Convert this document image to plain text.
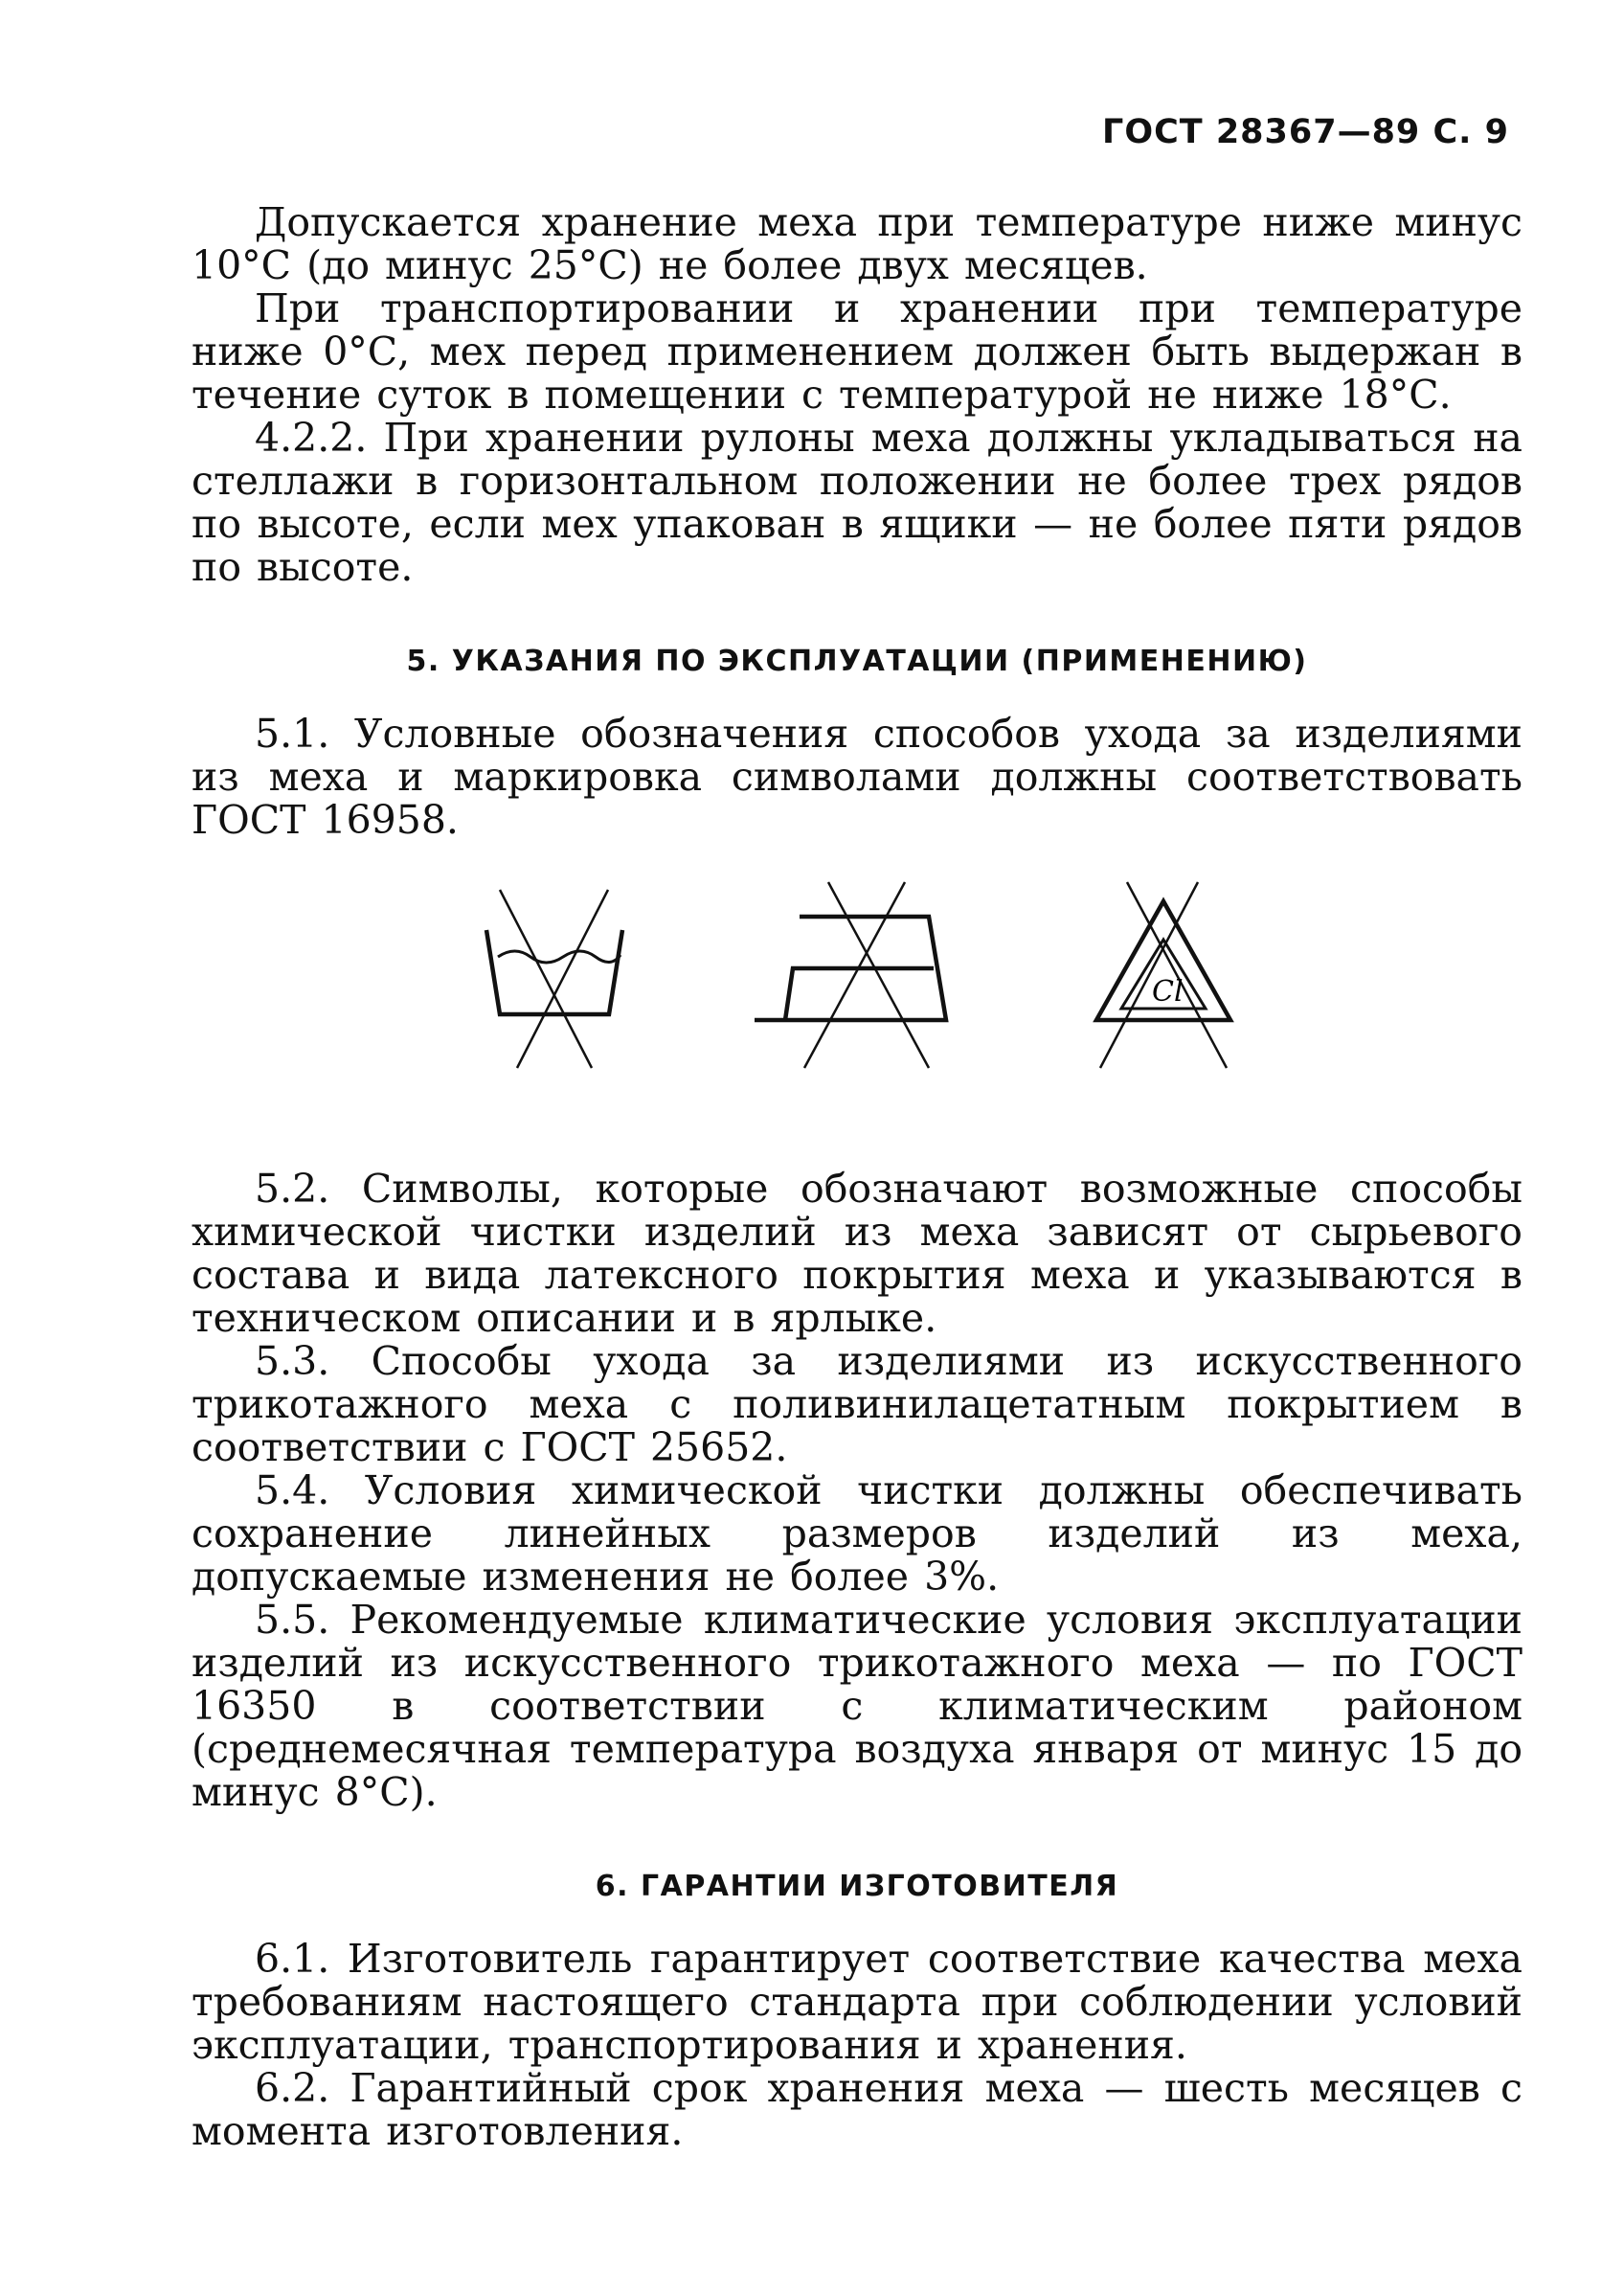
ГОСТ 28367—89 С. 9

Допускается хранение меха при температуре ниже минус 10°С (до минус 25°С) не более двух месяцев.

При транспортировании и хранении при температуре ниже 0°С, мех перед применением должен быть выдержан в течение суток в помещении с температурой не ниже 18°С.

4.2.2. При хранении рулоны меха должны укладываться на стеллажи в горизонтальном положении не более трех рядов по высоте, если мех упакован в ящики — не более пяти рядов по высоте.

5. УКАЗАНИЯ ПО ЭКСПЛУАТАЦИИ (ПРИМЕНЕНИЮ)

5.1. Условные обозначения способов ухода за изделиями из меха и маркировка символами должны соответствовать ГОСТ 16958.

Cl

5.2. Символы, которые обозначают возможные способы химической чистки изделий из меха зависят от сырьевого состава и вида латексного покрытия меха и указываются в техническом описании и в ярлыке.

5.3. Способы ухода за изделиями из искусственного трикотажного меха с поливинилацетатным покрытием в соответствии с ГОСТ 25652.

5.4. Условия химической чистки должны обеспечивать сохранение линейных размеров изделий из меха, допускаемые изменения не более 3%.

5.5. Рекомендуемые климатические условия эксплуатации изделий из искусственного трикотажного меха — по ГОСТ 16350 в соответствии с климатическим районом (среднемесячная температура воздуха января от минус 15 до минус 8°С).

6. ГАРАНТИИ ИЗГОТОВИТЕЛЯ

6.1. Изготовитель гарантирует соответствие качества меха требованиям настоящего стандарта при соблюдении условий эксплуатации, транспортирования и хранения.

6.2. Гарантийный срок хранения меха — шесть месяцев с момента изготовления.
